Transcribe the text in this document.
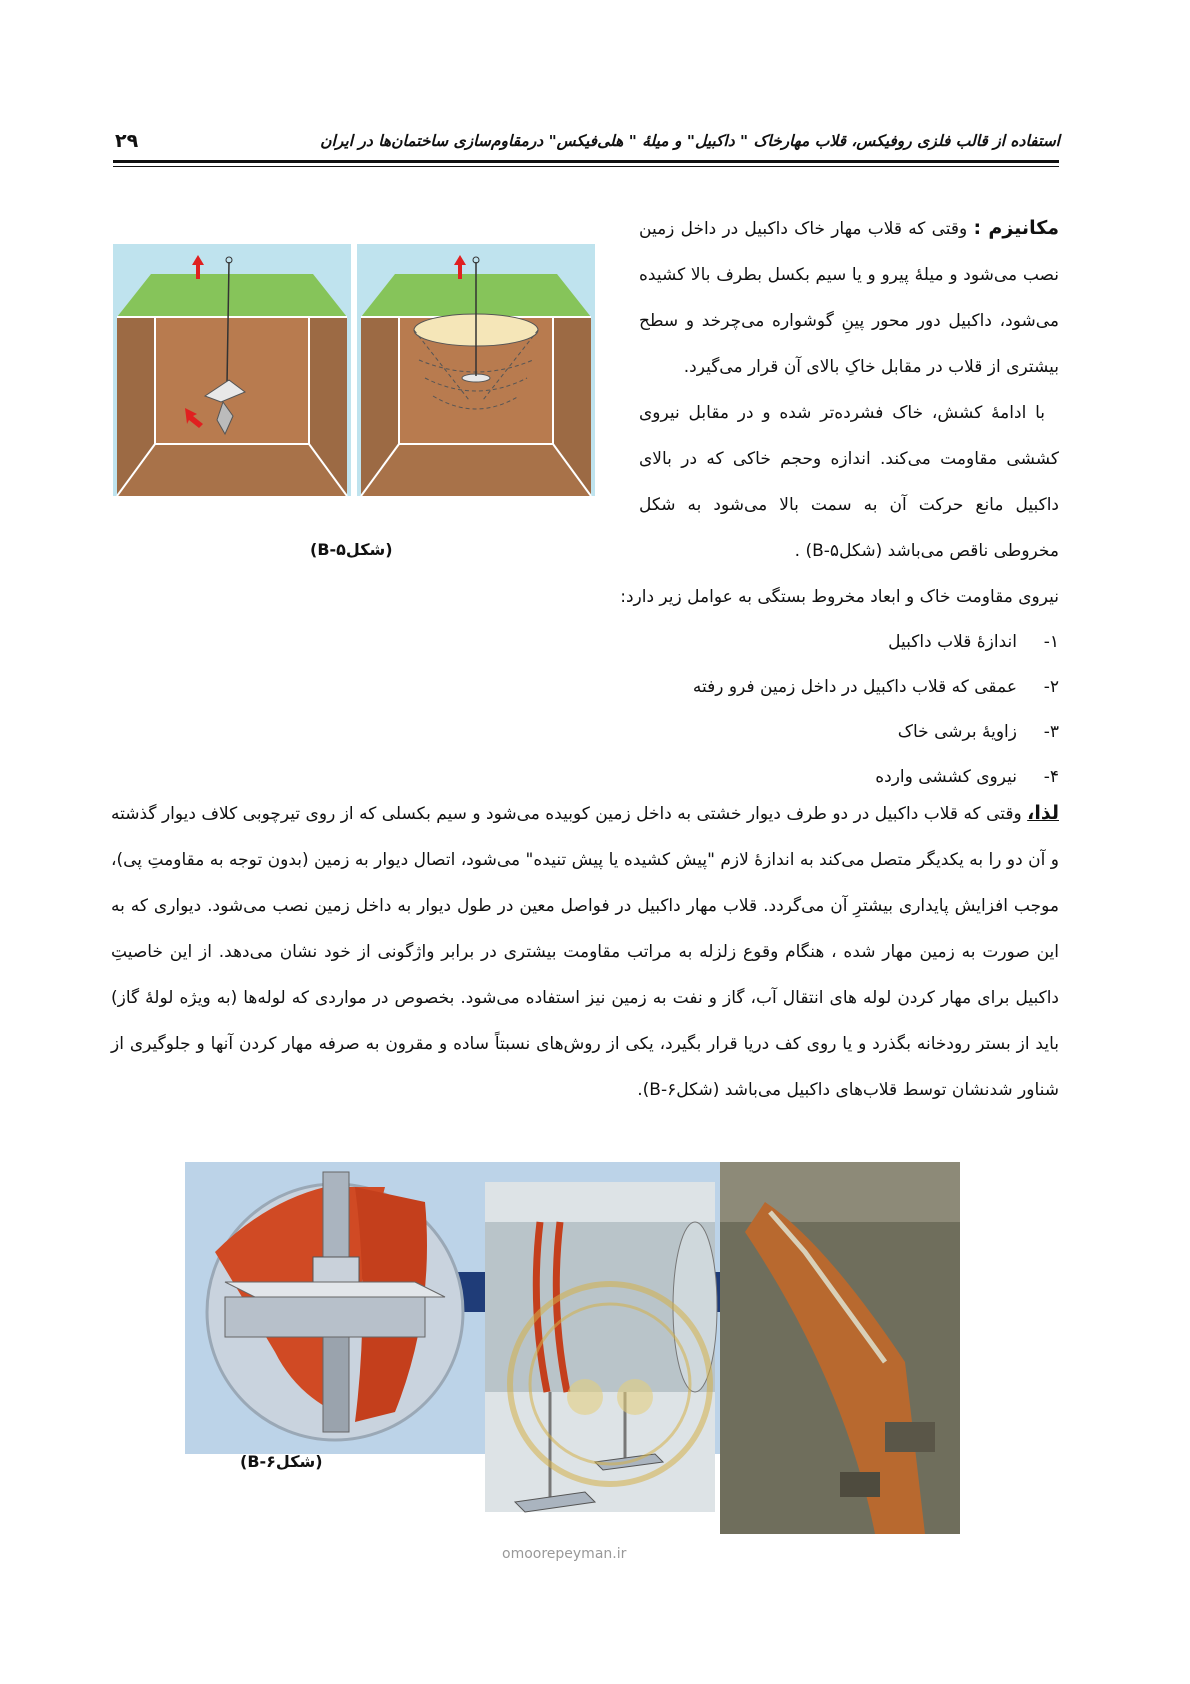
استفاده از قالب فلزی روفیکس، قلاب مهارخاک " داکبیل" و میلهٔ " هلی‌فیکس" درمقاوم‌سازی ساختمان‌ها در ایران
۲۹

مکانیزم : وقتی که قلاب مهار خاک داکبیل در داخل زمین نصب می‌شود و میلهٔ پیرو و یا سیم بکسل بطرف بالا کشیده می‌شود، داکبیل دور محور پینِ گوشواره می‌چرخد و سطح بیشتری از قلاب در مقابل خاکِ بالای آن قرار می‌گیرد.

با ادامهٔ کشش، خاک فشرده‌تر شده و در مقابل نیروی کششی مقاومت می‌کند. اندازه وحجم خاکی که در بالای داکبیل مانع حرکت آن به سمت بالا می‌شود به شکل مخروطی ناقص می‌باشد (شکلB-۵) .

(شکلB-۵)
نیروی مقاومت خاک و ابعاد مخروط بستگی به عوامل زیر دارد:
۱-اندازهٔ قلاب داکبیل
۲-عمقی که قلاب داکبیل در داخل زمین فرو رفته
۳-زاویهٔ برشی خاک
۴-نیروی کششی وارده

لذا، وقتی که قلاب داکبیل در دو طرف دیوار خشتی به داخل زمین کوبیده می‌شود و سیم بکسلی که از روی تیرچوبی کلاف دیوار گذشته و آن دو را به یکدیگر متصل می‌کند به اندازهٔ لازم "پیش کشیده یا پیش تنیده" می‌شود، اتصال دیوار به زمین (بدون توجه به مقاومتِ پی)، موجب افزایش پایداری بیشترِ آن می‌گردد. قلاب مهار داکبیل در فواصل معین در طول دیوار به داخل زمین نصب می‌شود. دیواری که به این صورت به زمین مهار شده ، هنگام وقوع زلزله به مراتب مقاومت بیشتری در برابر واژگونی از خود نشان می‌دهد. از این خاصیتِ داکبیل برای مهار کردن لوله های انتقال آب، گاز و نفت به زمین نیز استفاده می‌شود. بخصوص در مواردی که لوله‌ها (به ویژه لولهٔ گاز) باید از بستر رودخانه بگذرد و یا روی کف دریا قرار بگیرد، یکی از روش‌های نسبتاً ساده و مقرون به صرفه مهار کردن آنها و جلوگیری از شناور شدنشان توسط قلاب‌های داکبیل می‌باشد (شکلB-۶).

(شکلB-۶)
omoorepeyman.ir
